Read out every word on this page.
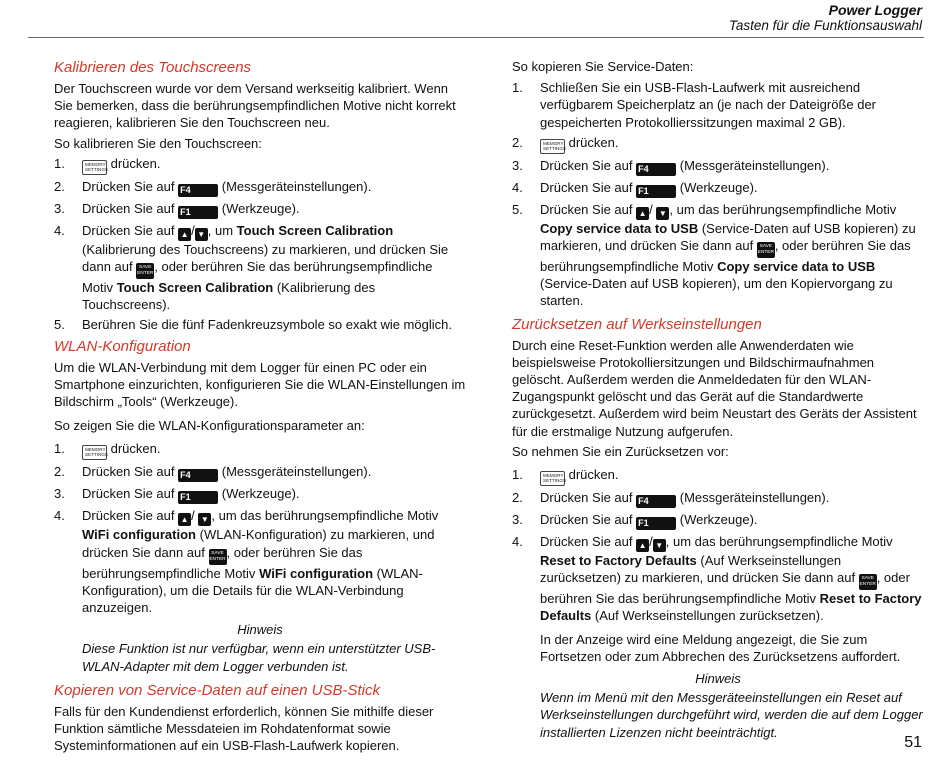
Power Logger
Tasten für die Funktionsauswahl
Kalibrieren des Touchscreens

Der Touchscreen wurde vor dem Versand werkseitig kalibriert. Wenn Sie bemerken, dass die berührungsempfindlichen Motive nicht korrekt reagieren, kalibrieren Sie den Touchscreen neu.

So kalibrieren Sie den Touchscreen:

1.	MEMORY
SETTINGS drücken.
2. Drücken Sie auf F4 (Messgeräteinstellungen).
3. Drücken Sie auf F1 (Werkzeuge).
4. Drücken Sie auf ▲ / ▼ , um Touch Screen Calibration (Kalibrierung des Touchscreens) zu markieren, und drücken Sie dann auf SAVE
ENTER, oder berühren Sie das berührungsempfindliche Motiv Touch Screen Calibration (Kalibrierung des Touchscreens).
5. Berühren Sie die fünf Fadenkreuzsymbole so exakt wie möglich.
WLAN-Konfiguration

Um die WLAN-Verbindung mit dem Logger für einen PC oder ein Smartphone einzurichten, konfigurieren Sie die WLAN-Einstellungen im Bildschirm „Tools“ (Werkzeuge).

So zeigen Sie die WLAN-Konfigurationsparameter an:

1.	MEMORY
SETTINGS drücken.
2. Drücken Sie auf F4 (Messgeräteinstellungen).
3. Drücken Sie auf F1 (Werkzeuge).
4. Drücken Sie auf ▲ / ▼ , um das berührungsempfindliche Motiv WiFi configuration (WLAN-Konfiguration) zu markieren, und drücken Sie dann auf SAVE
ENTER, oder berühren Sie das berührungsempfindliche Motiv WiFi configuration (WLAN-Konfiguration), um die Details für die WLAN-Verbindung anzuzeigen.
Hinweis
Diese Funktion ist nur verfügbar, wenn ein unterstützter USB-WLAN-Adapter mit dem Logger verbunden ist.
Kopieren von Service-Daten auf einen USB-Stick

Falls für den Kundendienst erforderlich, können Sie mithilfe dieser Funktion sämtliche Messdateien im Rohdatenformat sowie Systeminformationen auf ein USB-Flash-Laufwerk kopieren.

So kopieren Sie Service-Daten:

1. Schließen Sie ein USB-Flash-Laufwerk mit ausreichend verfügbarem Speicherplatz an (je nach der Dateigröße der gespeicherten Protokollierssitzungen maximal 2 GB).
2.	MEMORY
SETTINGS drücken.
3. Drücken Sie auf F4 (Messgeräteinstellungen).
4. Drücken Sie auf F1 (Werkzeuge).
5. Drücken Sie auf ▲ / ▼ , um das berührungsempfindliche Motiv Copy service data to USB (Service-Daten auf USB kopieren) zu markieren, und drücken Sie dann auf SAVE
ENTER, oder berühren Sie das berührungsempfindliche Motiv Copy service data to USB (Service-Daten auf USB kopieren), um den Kopiervorgang zu starten.
Zurücksetzen auf Werkseinstellungen

Durch eine Reset-Funktion werden alle Anwenderdaten wie beispielsweise Protokolliersitzungen und Bildschirmaufnahmen gelöscht. Außerdem werden die Anmeldedaten für den WLAN-Zugangspunkt gelöscht und das Gerät auf die Standardwerte zurückgesetzt. Außerdem wird beim Neustart des Geräts der Assistent für die erstmalige Nutzung aufgerufen.

So nehmen Sie ein Zurücksetzen vor:

1.	MEMORY
SETTINGS drücken.
2. Drücken Sie auf F4 (Messgeräteinstellungen).
3. Drücken Sie auf F1 (Werkzeuge).
4. Drücken Sie auf ▲ / ▼ , um das berührungsempfindliche Motiv Reset to Factory Defaults (Auf Werkseinstellungen zurücksetzen) zu markieren, und drücken Sie dann auf SAVE
ENTER, oder berühren Sie das berührungsempfindliche Motiv Reset to Factory Defaults (Auf Werkseinstellungen zurücksetzen).
In der Anzeige wird eine Meldung angezeigt, die Sie zum Fortsetzen oder zum Abbrechen des Zurücksetzens auffordert.
Hinweis
Wenn im Menü mit den Messgeräteeinstellungen ein Reset auf Werkseinstellungen durchgeführt wird, werden die auf dem Logger installierten Lizenzen nicht beeinträchtigt.
51
